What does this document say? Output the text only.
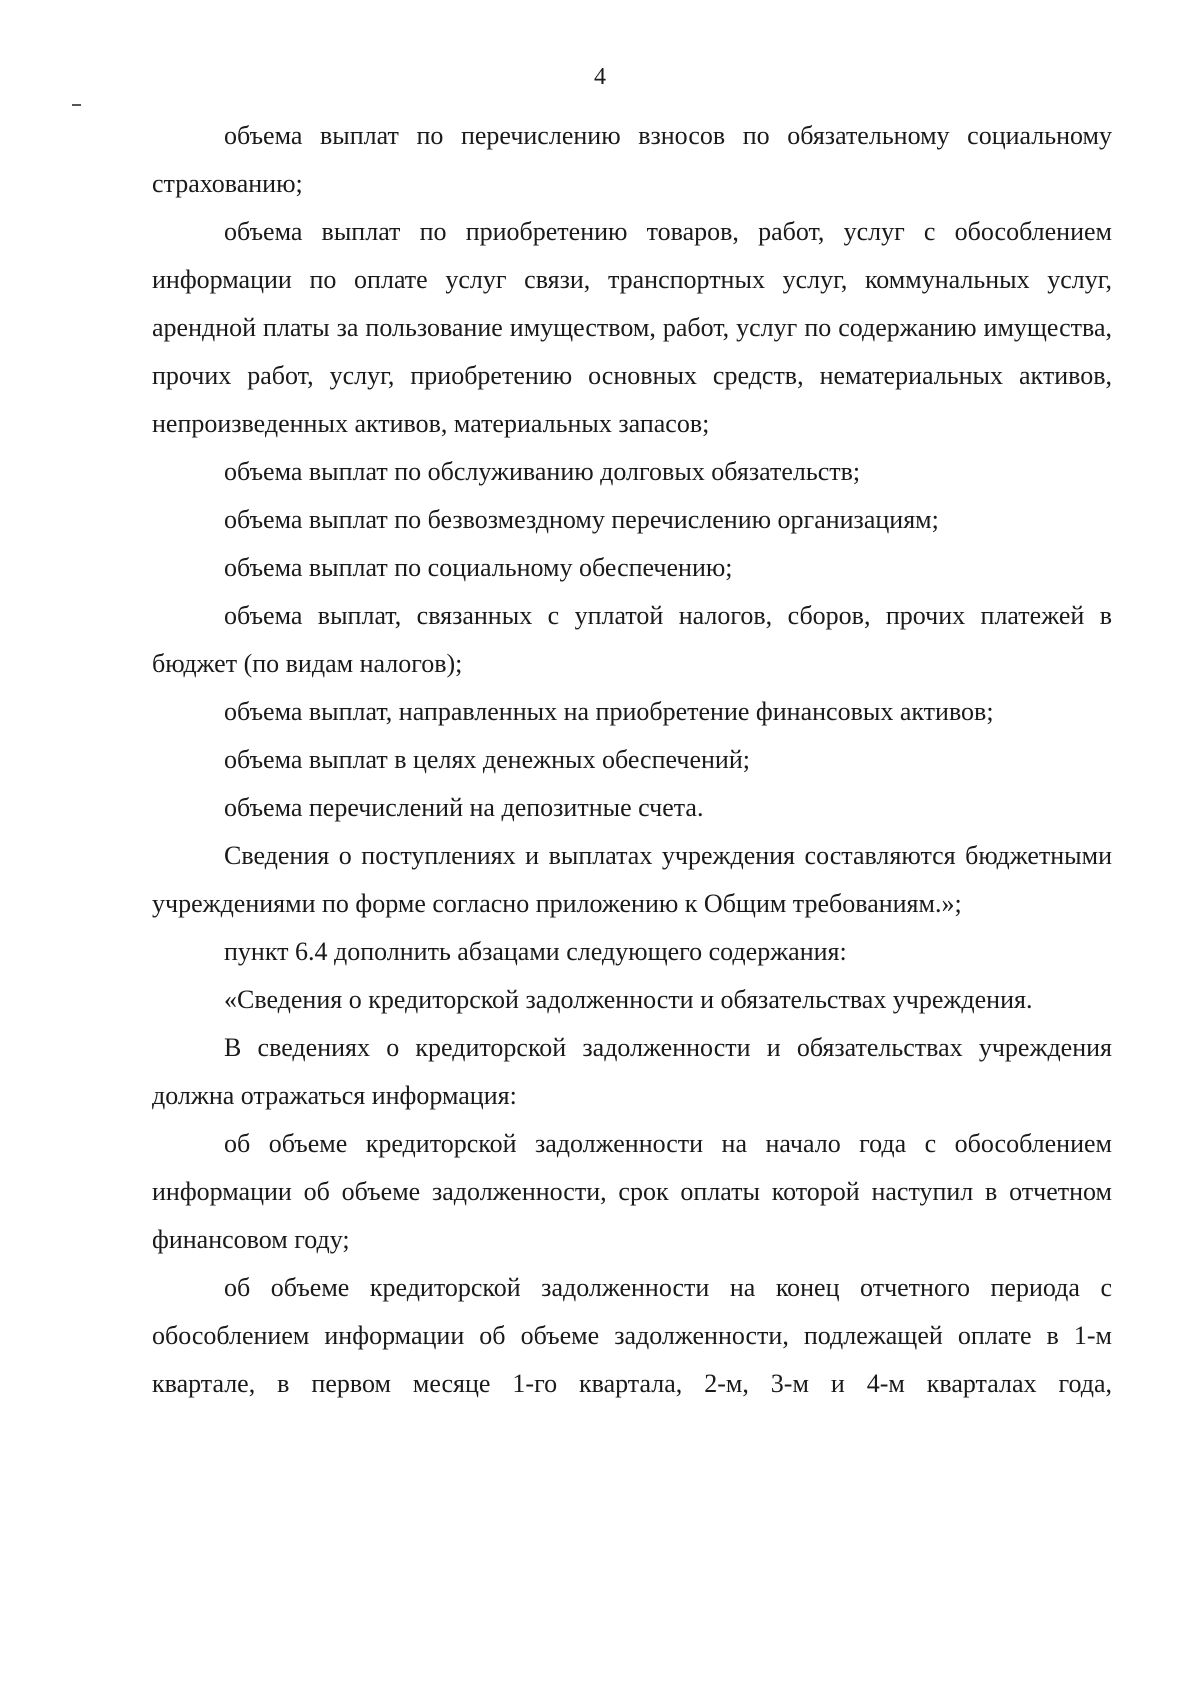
4

объема выплат по перечислению взносов по обязательному социальному страхованию;

объема выплат по приобретению товаров, работ, услуг с обособлением информации по оплате услуг связи, транспортных услуг, коммунальных услуг, арендной платы за пользование имуществом, работ, услуг по содержанию имущества, прочих работ, услуг, приобретению основных средств, нематериальных активов, непроизведенных активов, материальных запасов;

объема выплат по обслуживанию долговых обязательств;

объема выплат по безвозмездному перечислению организациям;

объема выплат по социальному обеспечению;

объема выплат, связанных с уплатой налогов, сборов, прочих платежей в бюджет (по видам налогов);

объема выплат, направленных на приобретение финансовых активов;

объема выплат в целях денежных обеспечений;

объема перечислений на депозитные счета.

Сведения о поступлениях и выплатах учреждения составляются бюджетными учреждениями по форме согласно приложению к Общим требованиям.»;

пункт 6.4 дополнить абзацами следующего содержания:

«Сведения о кредиторской задолженности и обязательствах учреждения.

В сведениях о кредиторской задолженности и обязательствах учреждения должна отражаться информация:

об объеме кредиторской задолженности на начало года с обособлением информации об объеме задолженности, срок оплаты которой наступил в отчетном финансовом году;

об объеме кредиторской задолженности на конец отчетного периода с обособлением информации об объеме задолженности, подлежащей оплате в 1-м квартале, в первом месяце 1-го квартала, 2-м, 3-м и 4-м кварталах года,
